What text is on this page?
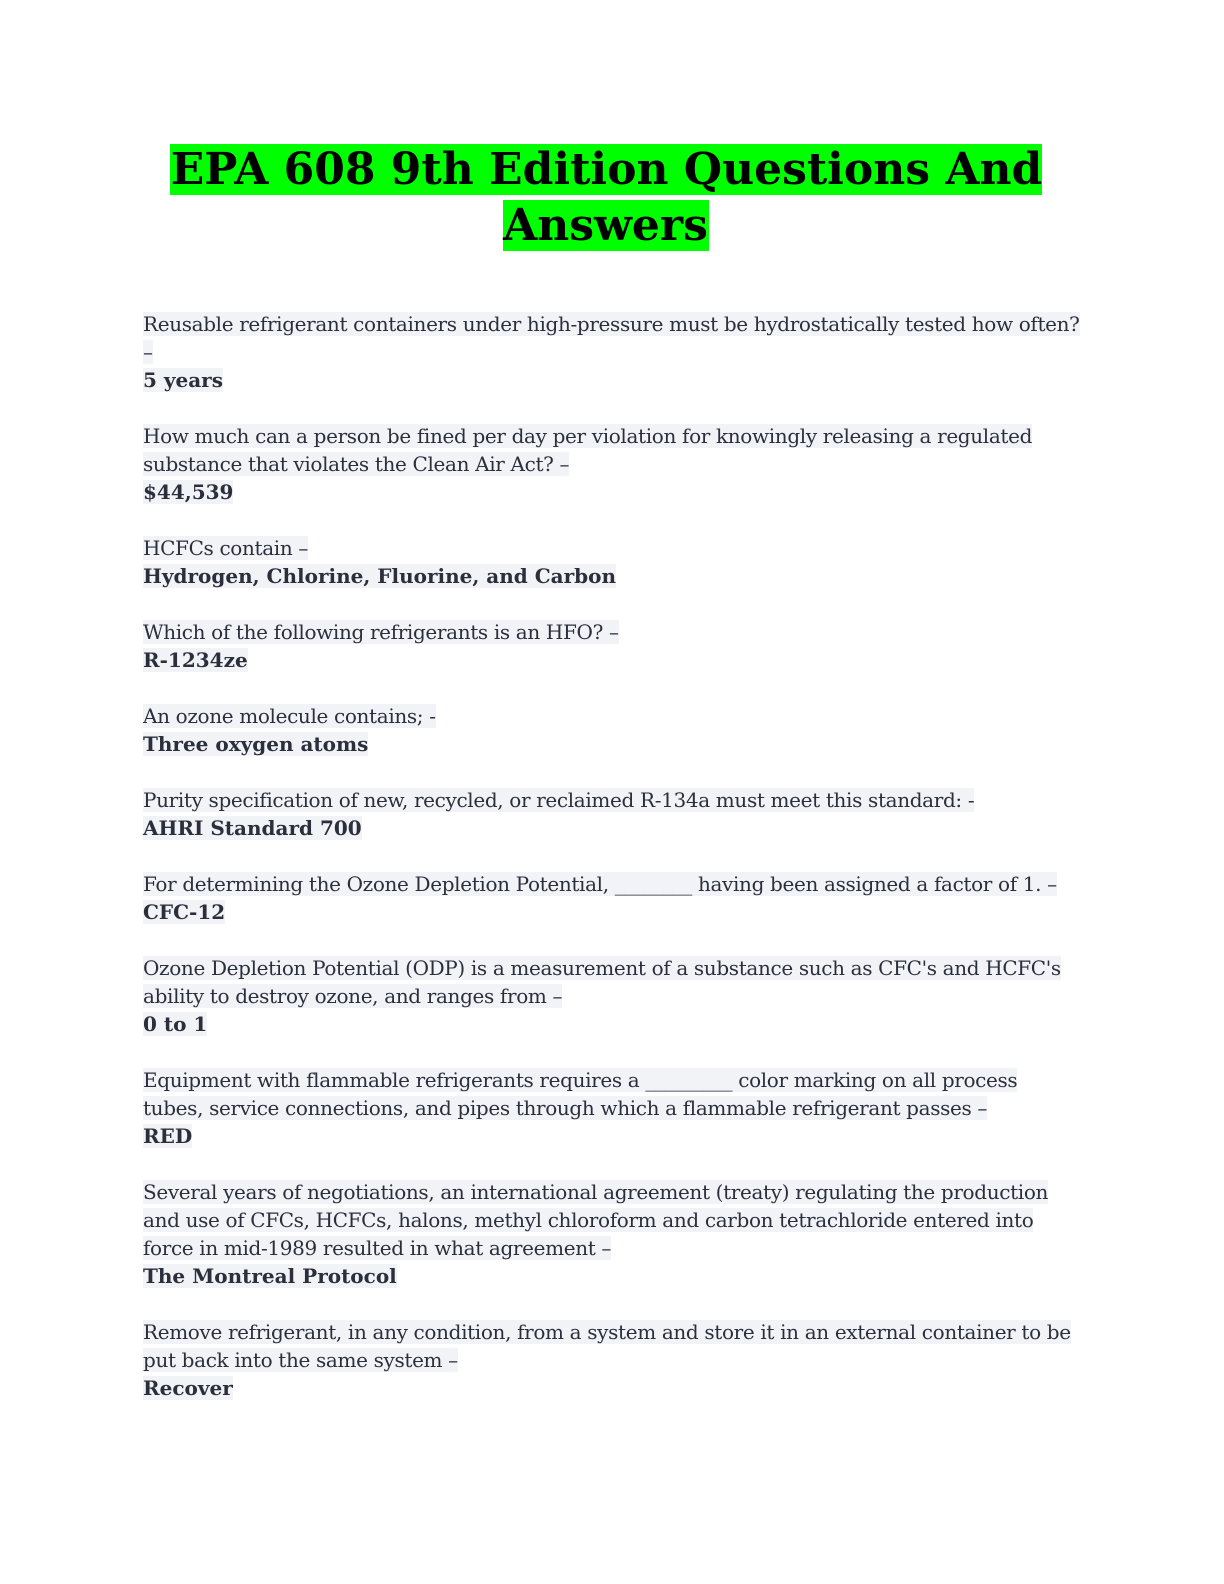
EPA 608 9th Edition Questions And Answers
Reusable refrigerant containers under high-pressure must be hydrostatically tested how often? –
5 years
How much can a person be fined per day per violation for knowingly releasing a regulated substance that violates the Clean Air Act? –
$44,539
HCFCs contain –
Hydrogen, Chlorine, Fluorine, and Carbon
Which of the following refrigerants is an HFO? –
R-1234ze
An ozone molecule contains; -
Three oxygen atoms
Purity specification of new, recycled, or reclaimed R-134a must meet this standard: -
AHRI Standard 700
For determining the Ozone Depletion Potential, ________ having been assigned a factor of 1. –
CFC-12
Ozone Depletion Potential (ODP) is a measurement of a substance such as CFC's and HCFC's ability to destroy ozone, and ranges from –
0 to 1
Equipment with flammable refrigerants requires a _________ color marking on all process tubes, service connections, and pipes through which a flammable refrigerant passes –
RED
Several years of negotiations, an international agreement (treaty) regulating the production and use of CFCs, HCFCs, halons, methyl chloroform and carbon tetrachloride entered into force in mid-1989 resulted in what agreement –
The Montreal Protocol
Remove refrigerant, in any condition, from a system and store it in an external container to be put back into the same system –
Recover
